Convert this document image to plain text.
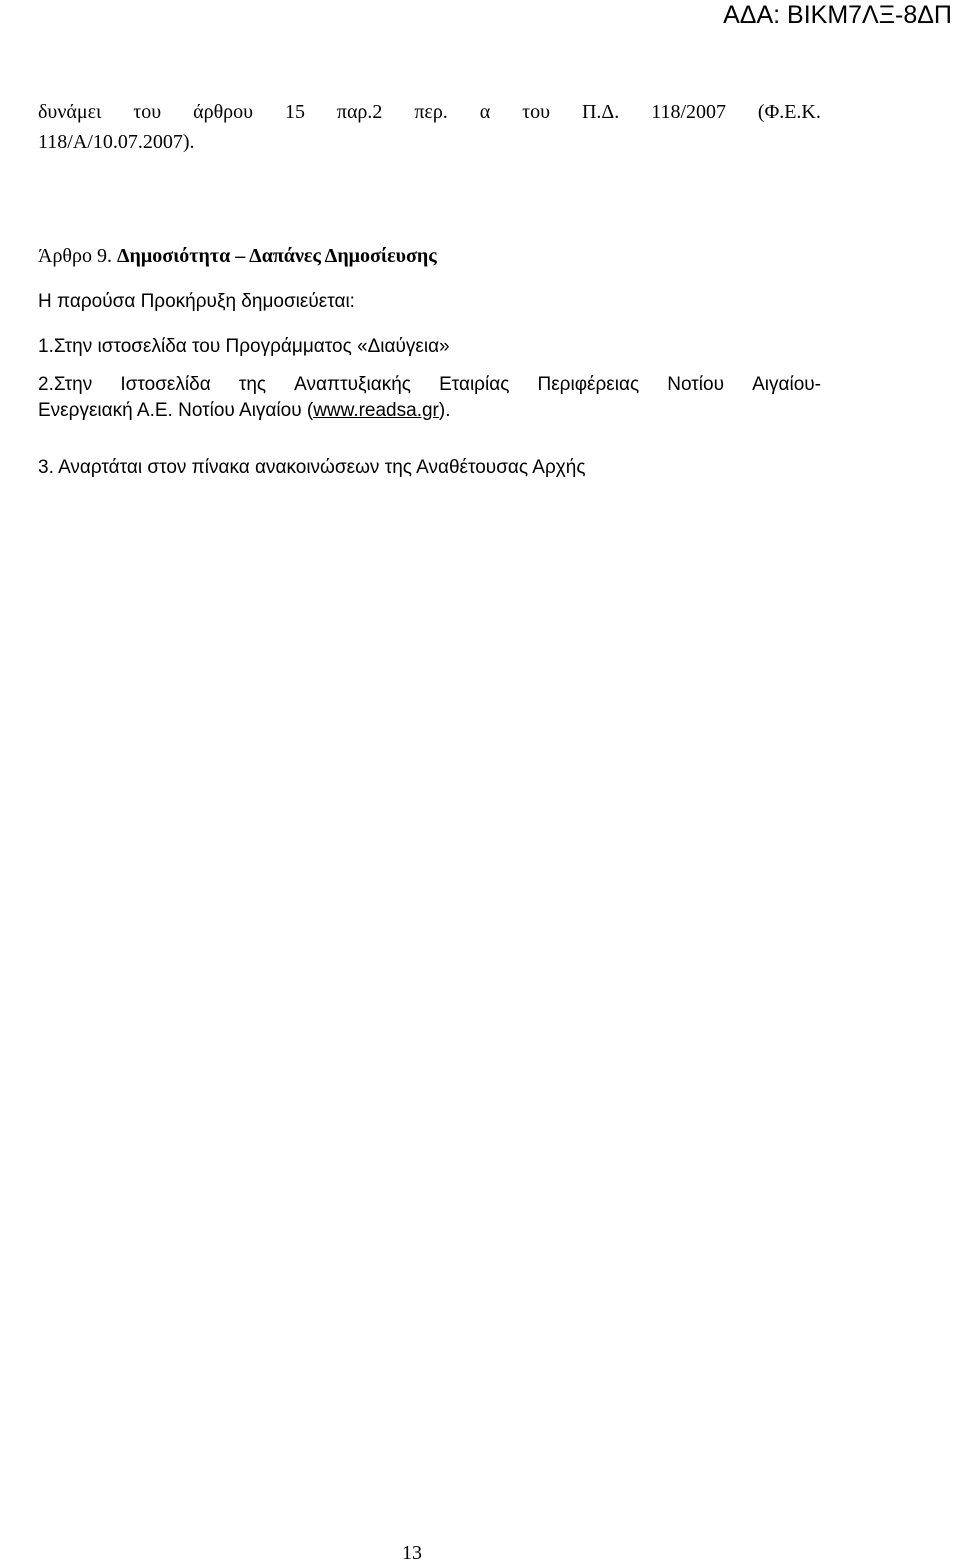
ΑΔΑ: ΒΙΚΜ7ΛΞ-8ΔΠ
δυνάμει του άρθρου 15 παρ.2 περ. α του Π.Δ. 118/2007 (Φ.Ε.Κ.
118/Α/10.07.2007).
Άρθρο 9. Δημοσιότητα – Δαπάνες Δημοσίευσης
Η παρούσα Προκήρυξη δημοσιεύεται:
1.Στην ιστοσελίδα του Προγράμματος «Διαύγεια»
2.Στην Ιστοσελίδα της Αναπτυξιακής Εταιρίας Περιφέρειας Νοτίου Αιγαίου-
Ενεργειακή Α.Ε. Νοτίου Αιγαίου (www.readsa.gr).
3. Αναρτάται στον πίνακα ανακοινώσεων της Αναθέτουσας Αρχής
13
